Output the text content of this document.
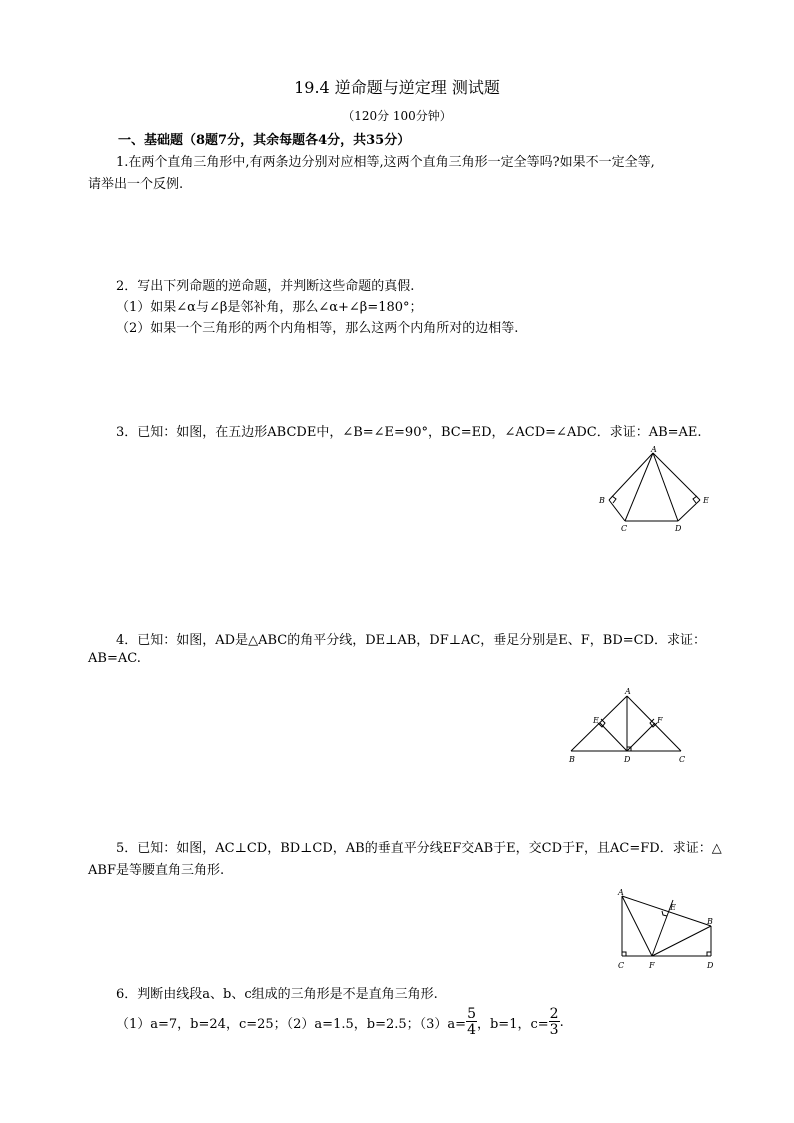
19.4 逆命题与逆定理 测试题
（120分 100分钟）
一、基础题（8题7分，其余每题各4分，共35分）
1.在两个直角三角形中,有两条边分别对应相等,这两个直角三角形一定全等吗?如果不一定全等,
请举出一个反例.
2．写出下列命题的逆命题，并判断这些命题的真假.
（1）如果∠α与∠β是邻补角，那么∠α+∠β=180°；
（2）如果一个三角形的两个内角相等，那么这两个内角所对的边相等.
3．已知：如图，在五边形ABCDE中，∠B=∠E=90°，BC=ED，∠ACD=∠ADC．求证：AB=AE.
A
B
C	D
E
4．已知：如图，AD是△ABC的角平分线，DE⊥AB，DF⊥AC，垂足分别是E、F，BD=CD．求证：
AB=AC.
A
B	D	C
E	F
5．已知：如图，AC⊥CD，BD⊥CD，AB的垂直平分线EF交AB于E，交CD于F，且AC=FD．求证：△
ABF是等腰直角三角形.
A
B
C	F	D
E
6．判断由线段a、b、c组成的三角形是不是直角三角形.
（1）a=7，b=24，c=25；（2）a=1.5，b=2.5；$(3)a= \frac{5}{4}$ ，b=1，$c= \frac{2}{3}$ .
